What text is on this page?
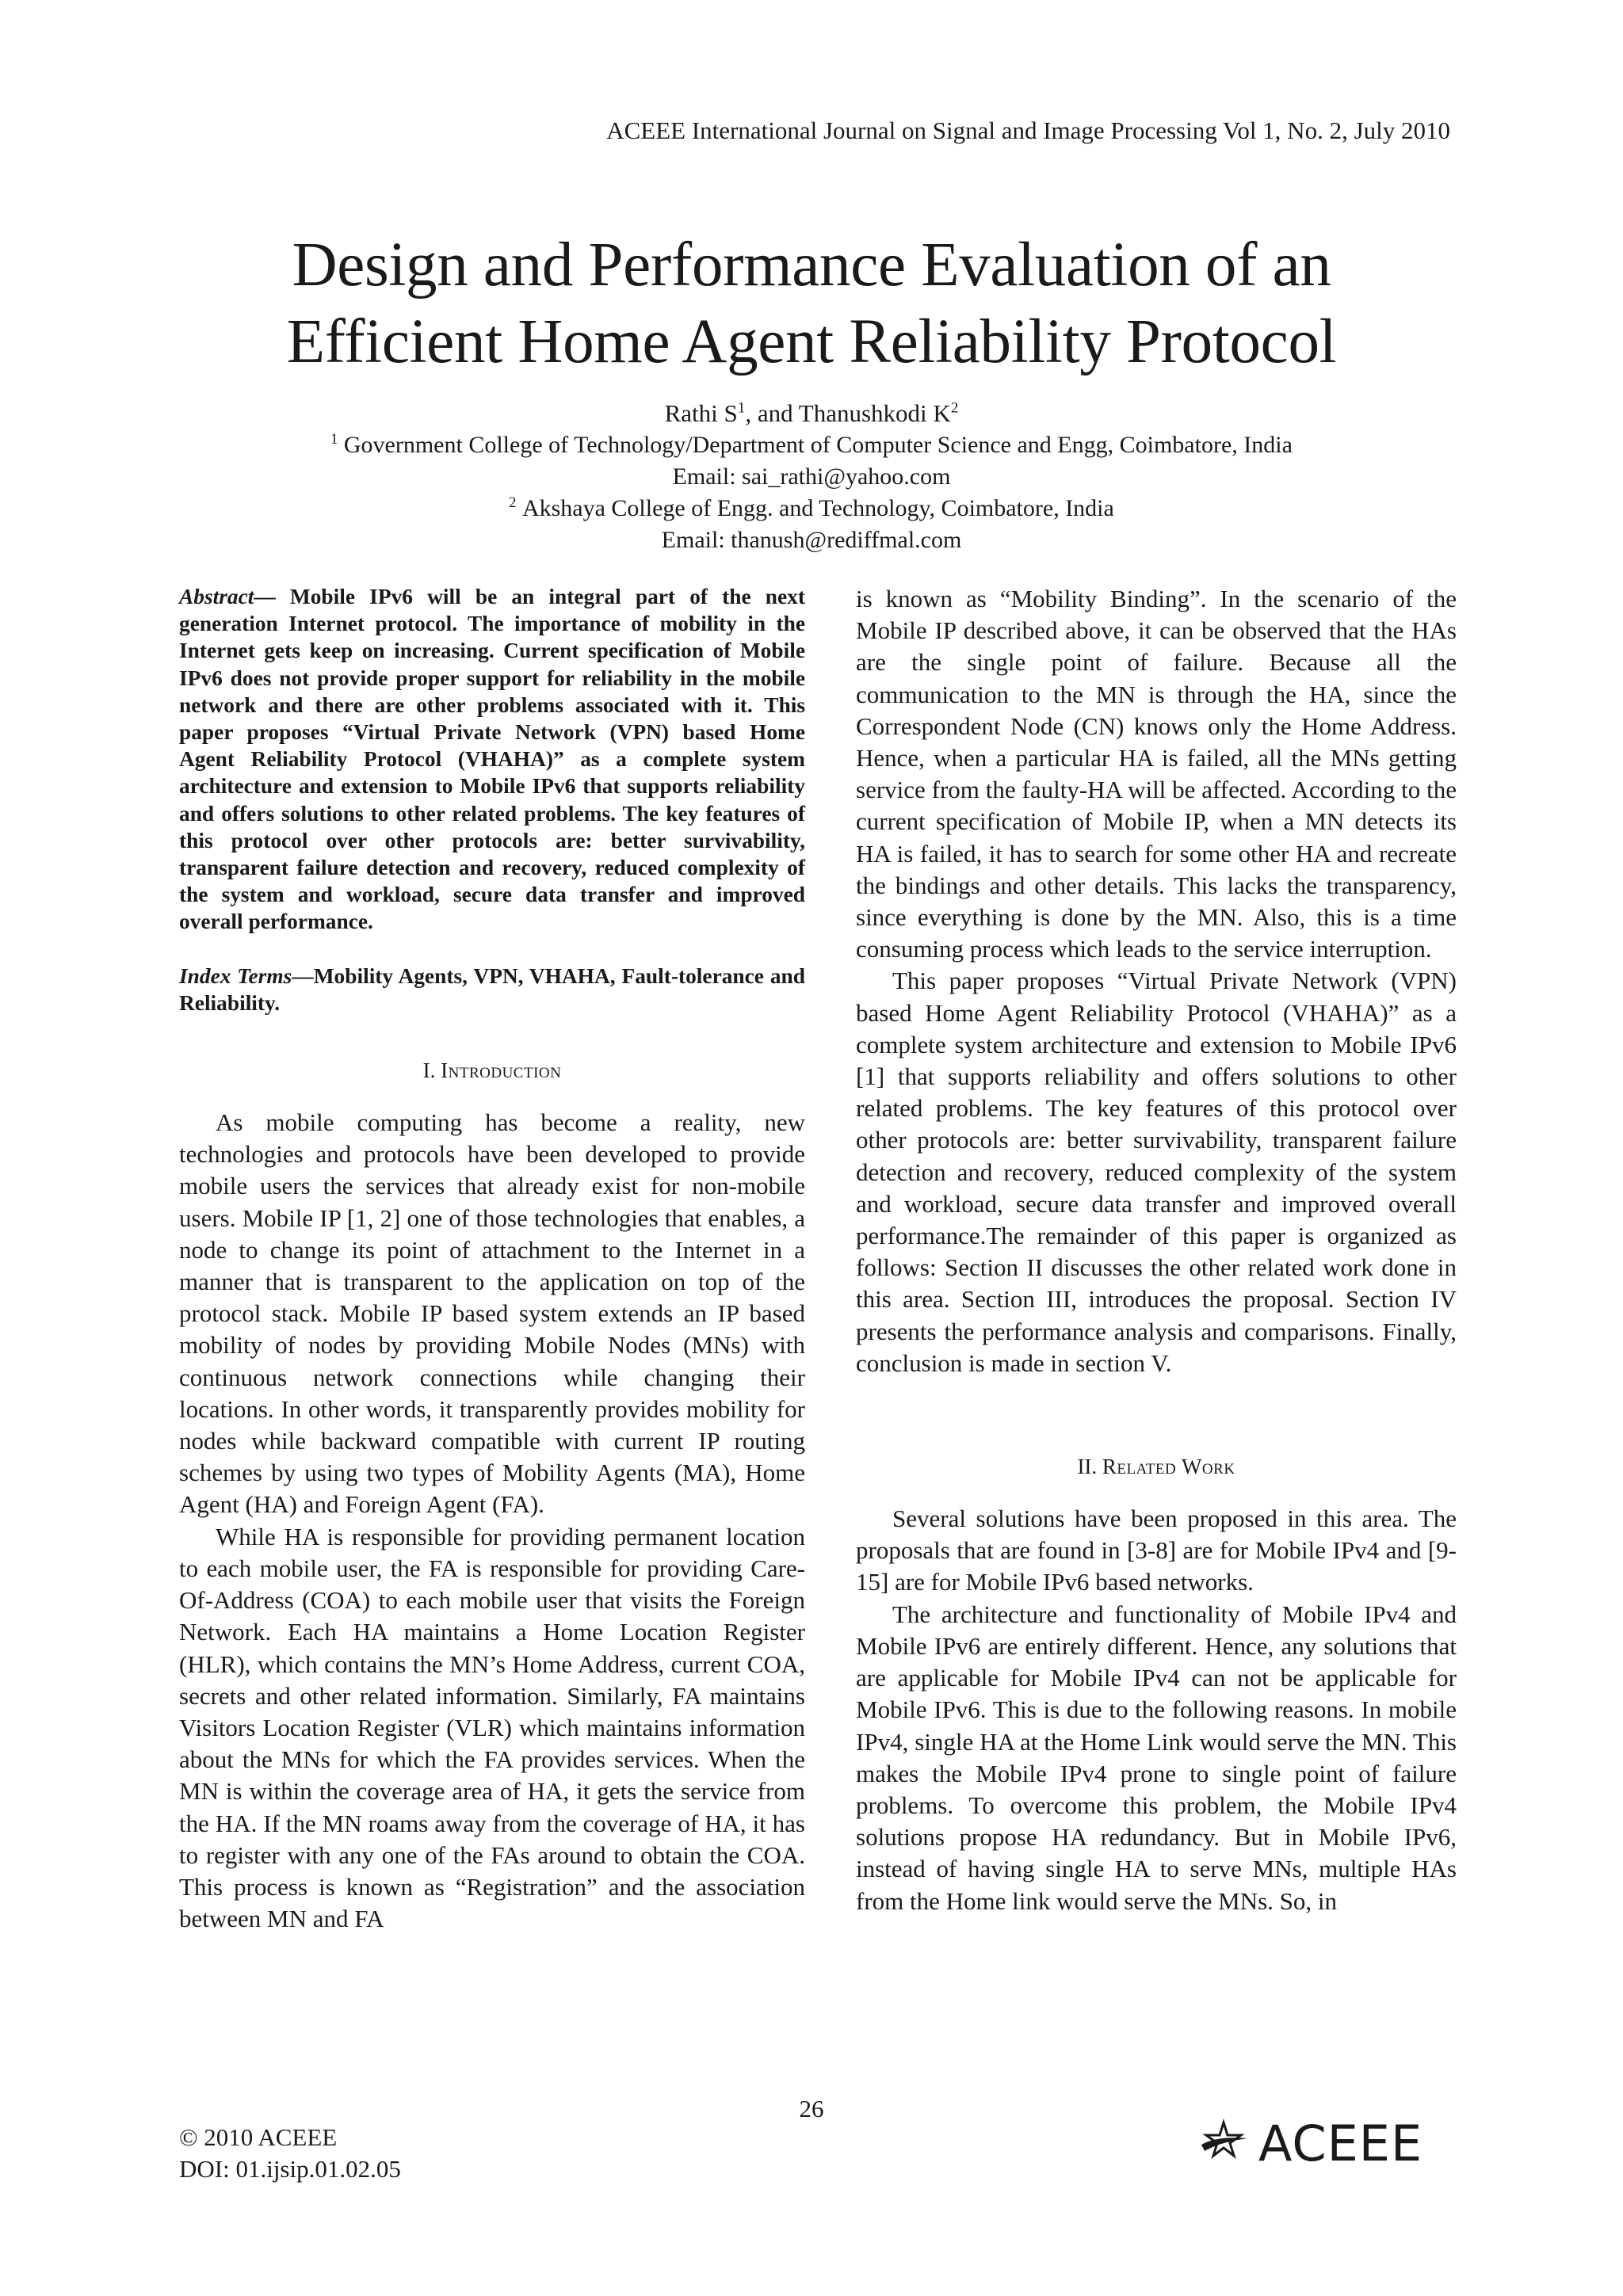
ACEEE International Journal on Signal and Image Processing Vol 1, No. 2, July 2010
Design and Performance Evaluation of an
Efficient Home Agent Reliability Protocol
Rathi $S^1$, and Thanushkodi $K^2$
$^1$ Government College of Technology/Department of Computer Science and Engg, Coimbatore, India
Email: sai_rathi@yahoo.com
$^2$ Akshaya College of Engg. and Technology, Coimbatore, India
Email: thanush@rediffmal.com

Abstract— Mobile IPv6 will be an integral part of the next generation Internet protocol. The importance of mobility in the Internet gets keep on increasing. Current specification of Mobile IPv6 does not provide proper support for reliability in the mobile network and there are other problems associated with it. This paper proposes “Virtual Private Network (VPN) based Home Agent Reliability Protocol (VHAHA)” as a complete system architecture and extension to Mobile IPv6 that supports reliability and offers solutions to other related problems. The key features of this protocol over other protocols are: better survivability, transparent failure detection and recovery, reduced complexity of the system and workload, secure data transfer and improved overall performance.

Index Terms—Mobility Agents, VPN, VHAHA, Fault-tolerance and Reliability.

I. Introduction

As mobile computing has become a reality, new technologies and protocols have been developed to provide mobile users the services that already exist for non-mobile users. Mobile IP [1, 2] one of those technologies that enables, a node to change its point of attachment to the Internet in a manner that is transparent to the application on top of the protocol stack. Mobile IP based system extends an IP based mobility of nodes by providing Mobile Nodes (MNs) with continuous network connections while changing their locations. In other words, it transparently provides mobility for nodes while backward compatible with current IP routing schemes by using two types of Mobility Agents (MA), Home Agent (HA) and Foreign Agent (FA).

While HA is responsible for providing permanent location to each mobile user, the FA is responsible for providing Care-Of-Address (COA) to each mobile user that visits the Foreign Network. Each HA maintains a Home Location Register (HLR), which contains the MN’s Home Address, current COA, secrets and other related information. Similarly, FA maintains Visitors Location Register (VLR) which maintains information about the MNs for which the FA provides services. When the MN is within the coverage area of HA, it gets the service from the HA. If the MN roams away from the coverage of HA, it has to register with any one of the FAs around to obtain the COA. This process is known as “Registration” and the association between MN and FA

is known as “Mobility Binding”. In the scenario of the Mobile IP described above, it can be observed that the HAs are the single point of failure. Because all the communication to the MN is through the HA, since the Correspondent Node (CN) knows only the Home Address. Hence, when a particular HA is failed, all the MNs getting service from the faulty-HA will be affected. According to the current specification of Mobile IP, when a MN detects its HA is failed, it has to search for some other HA and recreate the bindings and other details. This lacks the transparency, since everything is done by the MN. Also, this is a time consuming process which leads to the service interruption.

This paper proposes “Virtual Private Network (VPN) based Home Agent Reliability Protocol (VHAHA)” as a complete system architecture and extension to Mobile IPv6 [1] that supports reliability and offers solutions to other related problems. The key features of this protocol over other protocols are: better survivability, transparent failure detection and recovery, reduced complexity of the system and workload, secure data transfer and improved overall performance.The remainder of this paper is organized as follows: Section II discusses the other related work done in this area. Section III, introduces the proposal. Section IV presents the performance analysis and comparisons. Finally, conclusion is made in section V.

II. Related Work

Several solutions have been proposed in this area. The proposals that are found in [3-8] are for Mobile IPv4 and [9-15] are for Mobile IPv6 based networks.

The architecture and functionality of Mobile IPv4 and Mobile IPv6 are entirely different. Hence, any solutions that are applicable for Mobile IPv4 can not be applicable for Mobile IPv6. This is due to the following reasons. In mobile IPv4, single HA at the Home Link would serve the MN. This makes the Mobile IPv4 prone to single point of failure problems. To overcome this problem, the Mobile IPv4 solutions propose HA redundancy. But in Mobile IPv6, instead of having single HA to serve MNs, multiple HAs from the Home link would serve the MNs. So, in

26
© 2010 ACEEE
DOI: 01.ijsip.01.02.05	ACEEE
